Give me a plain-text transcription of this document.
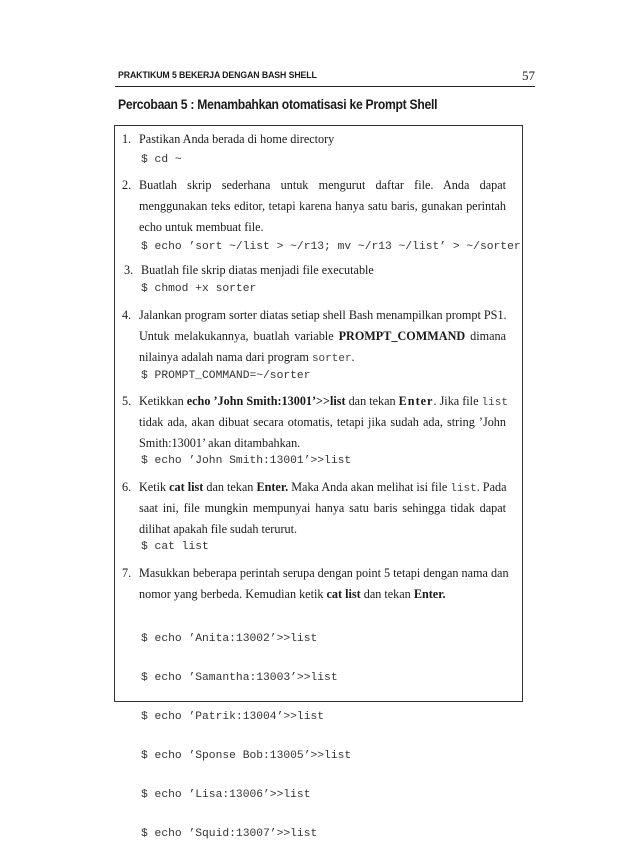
PRAKTIKUM 5 BEKERJA DENGAN BASH SHELL	57
Percobaan 5 : Menambahkan otomatisasi ke Prompt Shell
1. Pastikan Anda berada di home directory
$ cd ~
2. Buatlah skrip sederhana untuk mengurut daftar file. Anda dapat
menggunakan teks editor, tetapi karena hanya satu baris, gunakan perintah
echo untuk membuat file.
$ echo ’sort ~/list > ~/r13; mv ~/r13 ~/list’ > ~/sorter
3. Buatlah file skrip diatas menjadi file executable
$ chmod +x sorter
4. Jalankan program sorter diatas setiap shell Bash menampilkan prompt PS1.
Untuk melakukannya, buatlah variable PROMPT_COMMAND dimana
nilainya adalah nama dari program sorter.
$ PROMPT_COMMAND=~/sorter
5. Ketikkan echo ’John Smith:13001’>>list dan tekan Enter. Jika file list
tidak ada, akan dibuat secara otomatis, tetapi jika sudah ada, string ’John
Smith:13001’ akan ditambahkan.
$ echo ’John Smith:13001’>>list
6. Ketik cat list dan tekan Enter. Maka Anda akan melihat isi file list. Pada
saat ini, file mungkin mempunyai hanya satu baris sehingga tidak dapat
dilihat apakah file sudah terurut.
$ cat list
7. Masukkan beberapa perintah serupa dengan point 5 tetapi dengan nama dan
nomor yang berbeda. Kemudian ketik cat list dan tekan Enter.

$ echo ’Anita:13002’>>list

$ echo ’Samantha:13003’>>list

$ echo ’Patrik:13004’>>list

$ echo ’Sponse Bob:13005’>>list

$ echo ’Lisa:13006’>>list

$ echo ’Squid:13007’>>list
